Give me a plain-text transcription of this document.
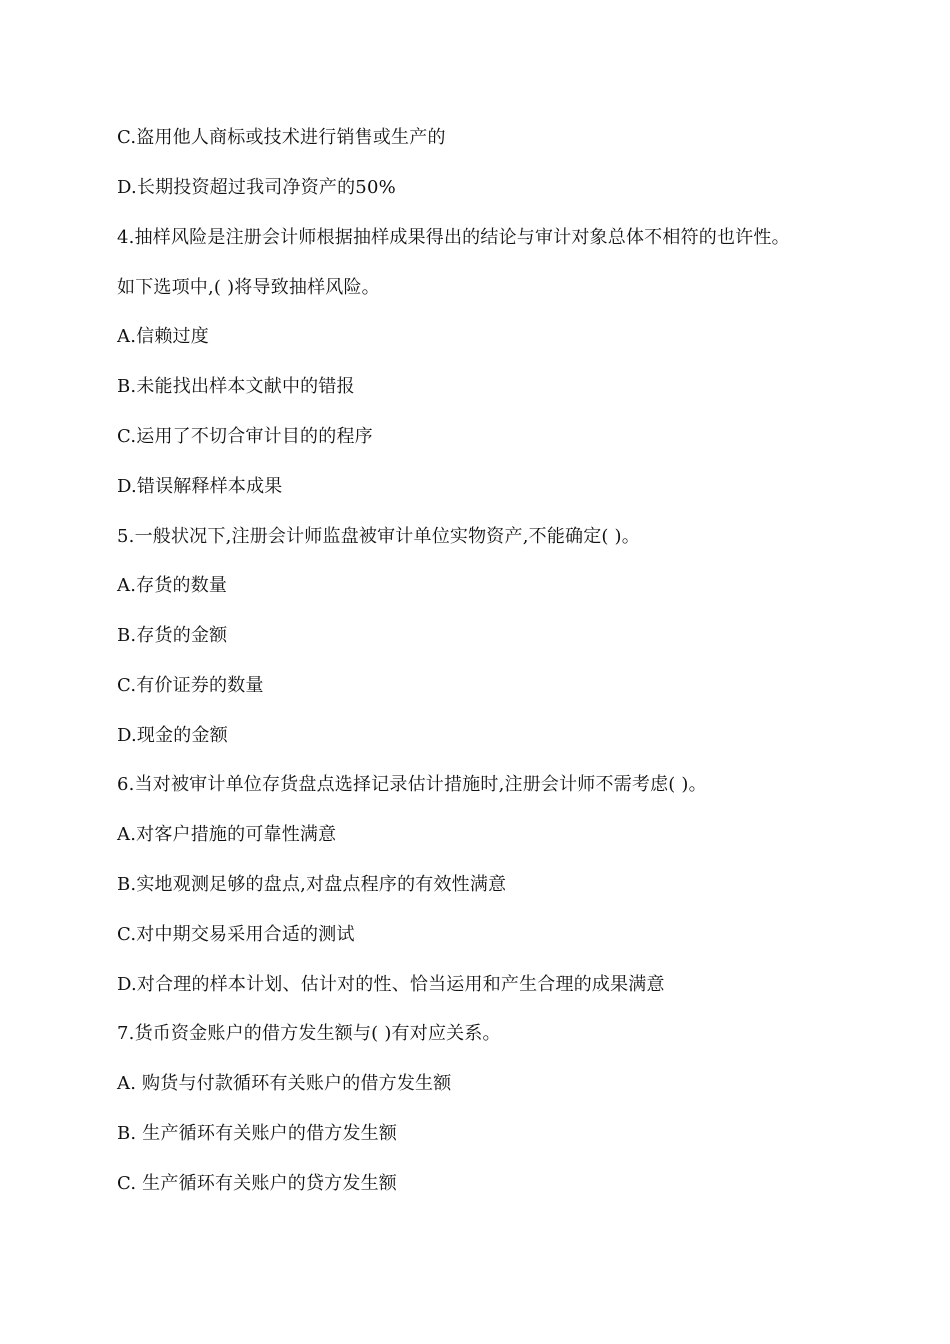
C.盗用他人商标或技术进行销售或生产的
D.长期投资超过我司净资产的50%
4.抽样风险是注册会计师根据抽样成果得出的结论与审计对象总体不相符的也许性。
如下选项中,( )将导致抽样风险。
A.信赖过度
B.未能找出样本文献中的错报
C.运用了不切合审计目的的程序
D.错误解释样本成果
5.一般状况下,注册会计师监盘被审计单位实物资产,不能确定( )。
A.存货的数量
B.存货的金额
C.有价证券的数量
D.现金的金额
6.当对被审计单位存货盘点选择记录估计措施时,注册会计师不需考虑( )。
A.对客户措施的可靠性满意
B.实地观测足够的盘点,对盘点程序的有效性满意
C.对中期交易采用合适的测试
D.对合理的样本计划、估计对的性、恰当运用和产生合理的成果满意
7.货币资金账户的借方发生额与( )有对应关系。
A. 购货与付款循环有关账户的借方发生额
B. 生产循环有关账户的借方发生额
C. 生产循环有关账户的贷方发生额
